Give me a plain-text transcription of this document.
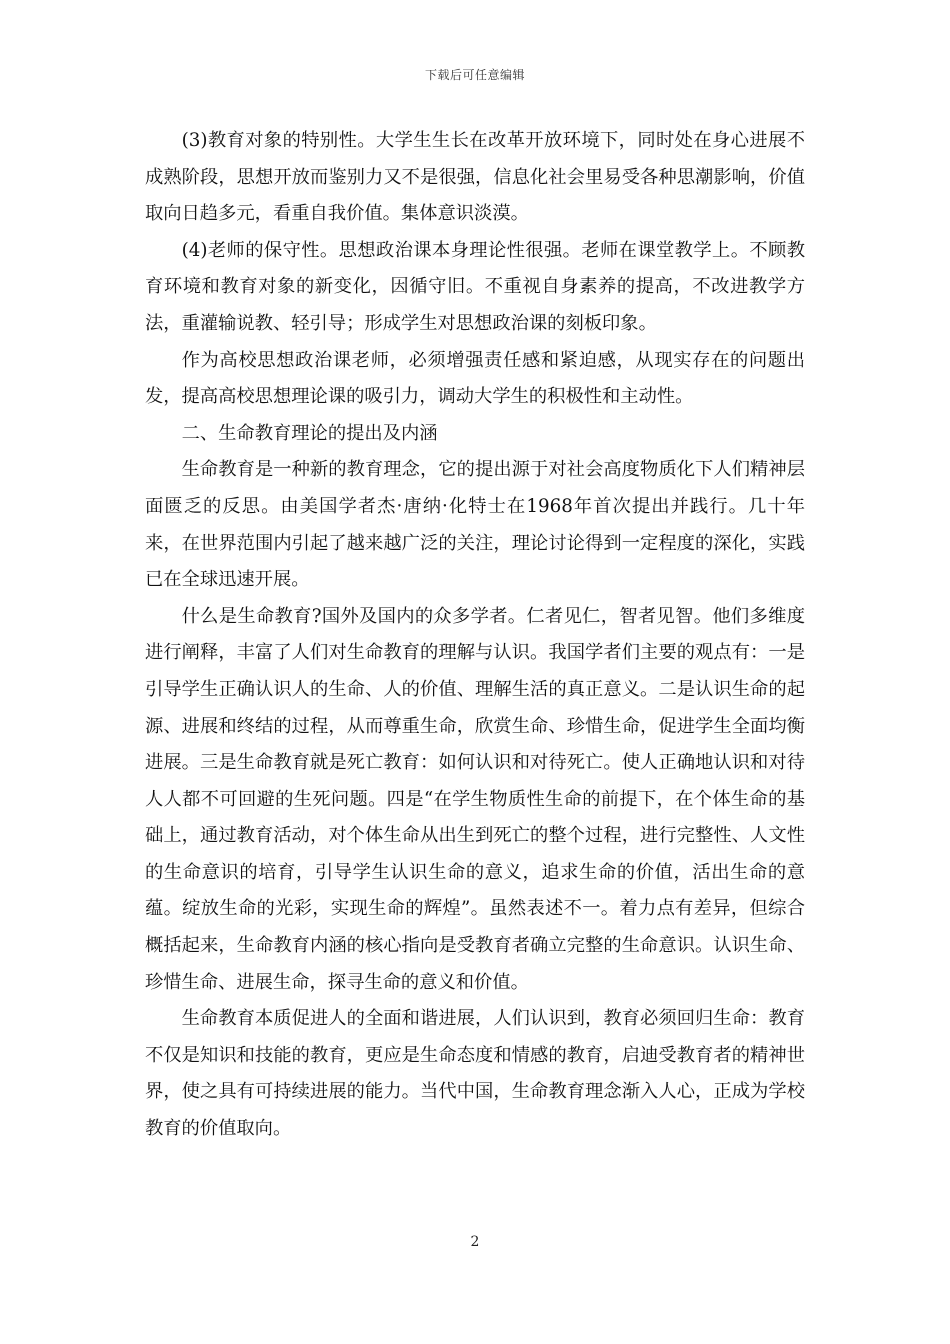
下载后可任意编辑

(3)教育对象的特别性。大学生生长在改革开放环境下，同时处在身心进展不成熟阶段，思想开放而鉴别力又不是很强，信息化社会里易受各种思潮影响，价值取向日趋多元，看重自我价值。集体意识淡漠。

(4)老师的保守性。思想政治课本身理论性很强。老师在课堂教学上。不顾教育环境和教育对象的新变化，因循守旧。不重视自身素养的提高，不改进教学方法，重灌输说教、轻引导；形成学生对思想政治课的刻板印象。

作为高校思想政治课老师，必须增强责任感和紧迫感，从现实存在的问题出发，提高高校思想理论课的吸引力，调动大学生的积极性和主动性。

二、生命教育理论的提出及内涵

生命教育是一种新的教育理念，它的提出源于对社会高度物质化下人们精神层面匮乏的反思。由美国学者杰·唐纳·化特士在1968年首次提出并践行。几十年来，在世界范围内引起了越来越广泛的关注，理论讨论得到一定程度的深化，实践已在全球迅速开展。

什么是生命教育?国外及国内的众多学者。仁者见仁，智者见智。他们多维度进行阐释，丰富了人们对生命教育的理解与认识。我国学者们主要的观点有：一是引导学生正确认识人的生命、人的价值、理解生活的真正意义。二是认识生命的起源、进展和终结的过程，从而尊重生命，欣赏生命、珍惜生命，促进学生全面均衡进展。三是生命教育就是死亡教育：如何认识和对待死亡。使人正确地认识和对待人人都不可回避的生死问题。四是“在学生物质性生命的前提下，在个体生命的基础上，通过教育活动，对个体生命从出生到死亡的整个过程，进行完整性、人文性的生命意识的培育，引导学生认识生命的意义，追求生命的价值，活出生命的意蕴。绽放生命的光彩，实现生命的辉煌”。虽然表述不一。着力点有差异，但综合概括起来，生命教育内涵的核心指向是受教育者确立完整的生命意识。认识生命、珍惜生命、进展生命，探寻生命的意义和价值。

生命教育本质促进人的全面和谐进展，人们认识到，教育必须回归生命：教育不仅是知识和技能的教育，更应是生命态度和情感的教育，启迪受教育者的精神世界，使之具有可持续进展的能力。当代中国，生命教育理念渐入人心，正成为学校教育的价值取向。

2
